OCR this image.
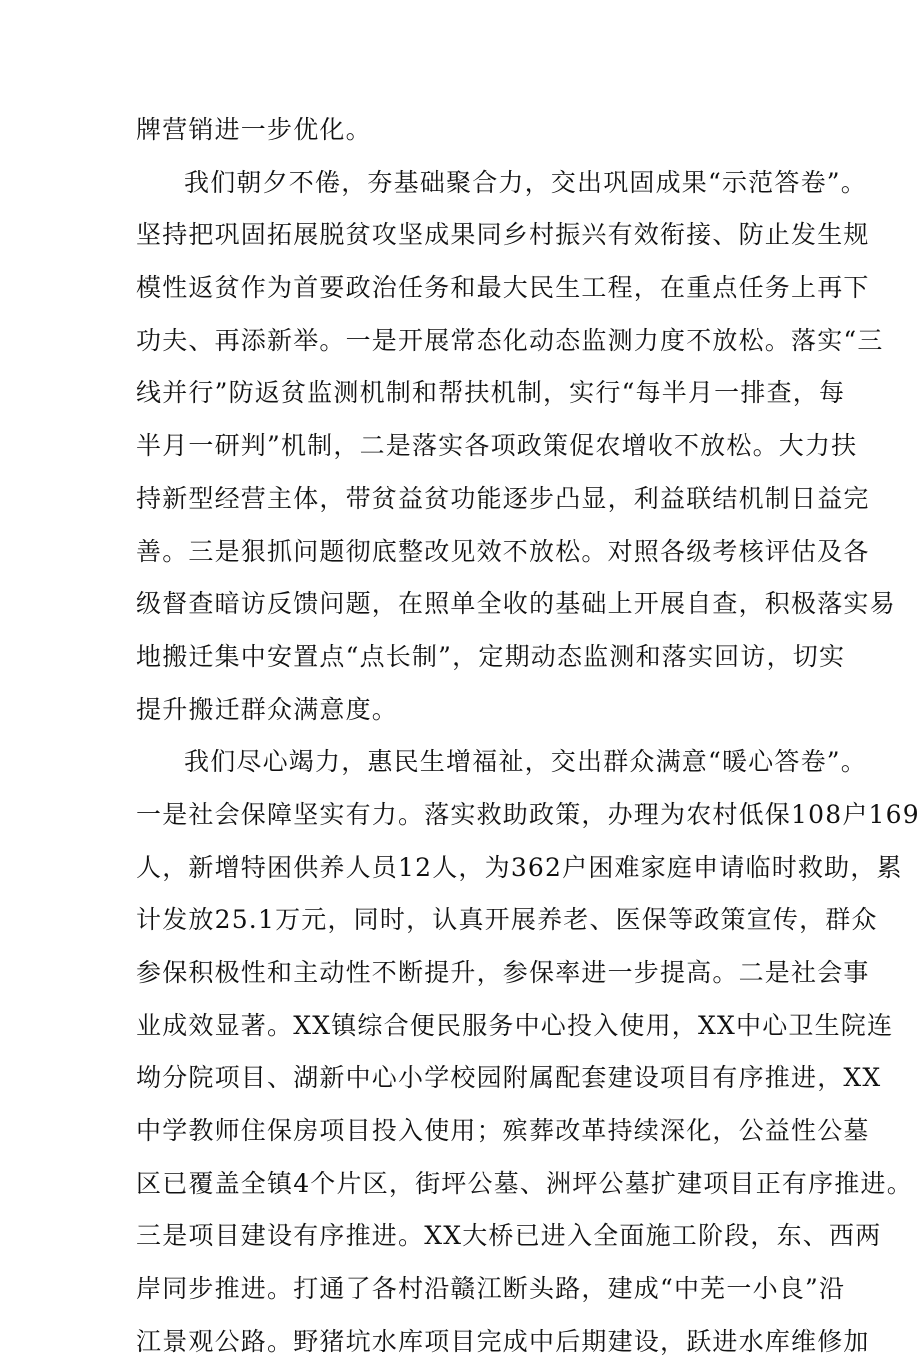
牌营销进一步优化。
我们朝夕不倦，夯基础聚合力，交出巩固成果“示范答卷”。
坚持把巩固拓展脱贫攻坚成果同乡村振兴有效衔接、防止发生规
模性返贫作为首要政治任务和最大民生工程，在重点任务上再下
功夫、再添新举。一是开展常态化动态监测力度不放松。落实“三
线并行”防返贫监测机制和帮扶机制，实行“每半月一排查，每
半月一研判”机制，二是落实各项政策促农增收不放松。大力扶
持新型经营主体，带贫益贫功能逐步凸显，利益联结机制日益完
善。三是狠抓问题彻底整改见效不放松。对照各级考核评估及各
级督查暗访反馈问题，在照单全收的基础上开展自查，积极落实易
地搬迁集中安置点“点长制”，定期动态监测和落实回访，切实
提升搬迁群众满意度。
我们尽心竭力，惠民生增福祉，交出群众满意“暖心答卷”。
一是社会保障坚实有力。落实救助政策，办理为农村低保108户169
人，新增特困供养人员12人，为362户困难家庭申请临时救助，累
计发放25.1万元，同时，认真开展养老、医保等政策宣传，群众
参保积极性和主动性不断提升，参保率进一步提高。二是社会事
业成效显著。XX镇综合便民服务中心投入使用，XX中心卫生院连
坳分院项目、湖新中心小学校园附属配套建设项目有序推进，XX
中学教师住保房项目投入使用；殡葬改革持续深化，公益性公墓
区已覆盖全镇4个片区，街坪公墓、洲坪公墓扩建项目正有序推进。
三是项目建设有序推进。XX大桥已进入全面施工阶段，东、西两
岸同步推进。打通了各村沿赣江断头路，建成“中芜一小良”沿
江景观公路。野猪坑水库项目完成中后期建设，跃进水库维修加
